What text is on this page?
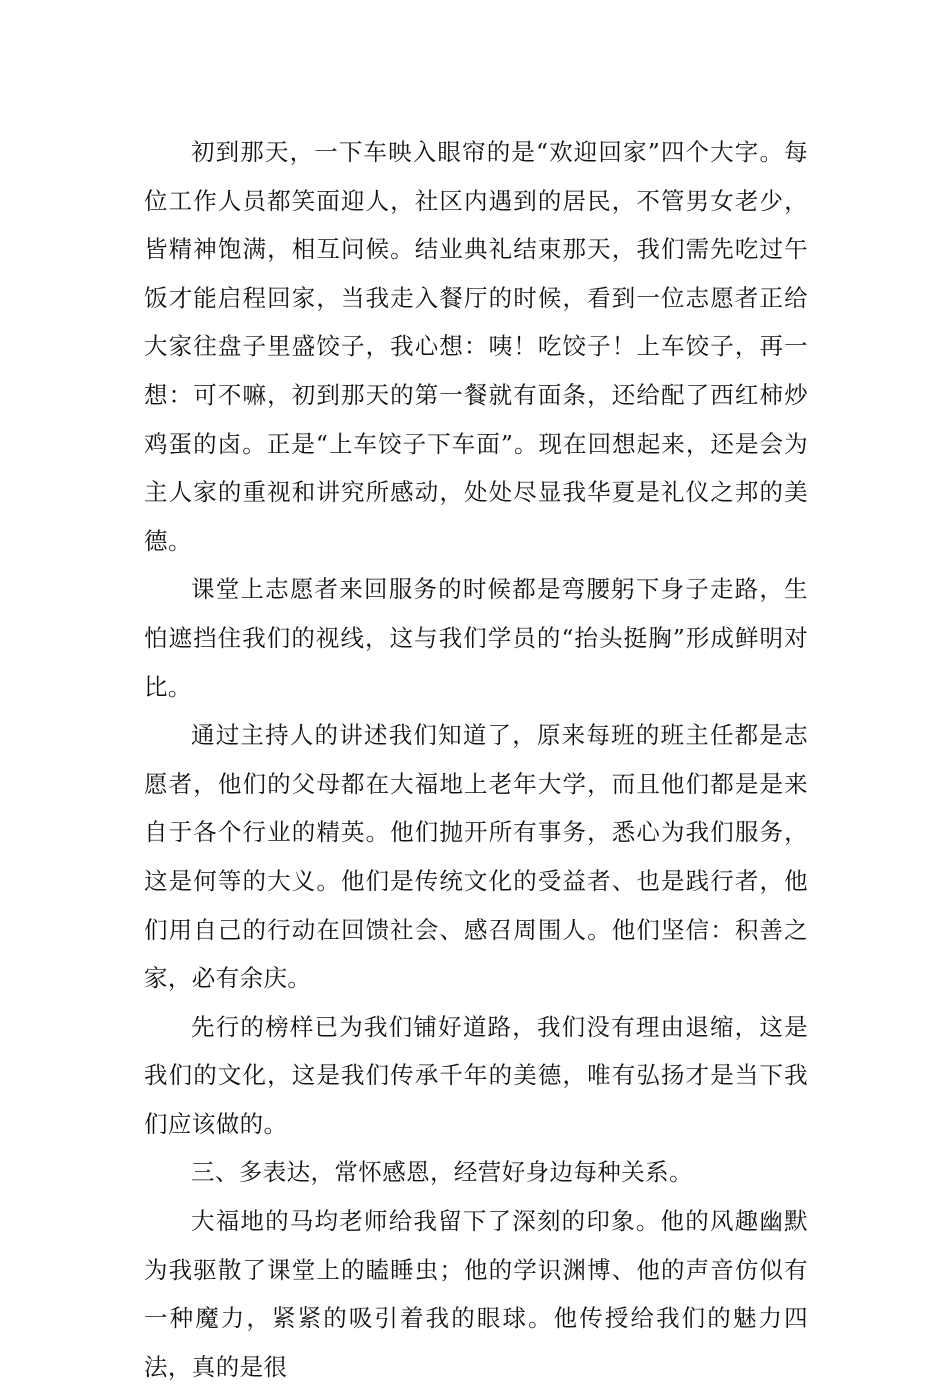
初到那天，一下车映入眼帘的是“欢迎回家”四个大字。每位工作人员都笑面迎人，社区内遇到的居民，不管男女老少，皆精神饱满，相互问候。结业典礼结束那天，我们需先吃过午饭才能启程回家，当我走入餐厅的时候，看到一位志愿者正给大家往盘子里盛饺子，我心想：咦！吃饺子！上车饺子，再一想：可不嘛，初到那天的第一餐就有面条，还给配了西红柿炒鸡蛋的卤。正是“上车饺子下车面”。现在回想起来，还是会为主人家的重视和讲究所感动，处处尽显我华夏是礼仪之邦的美德。

课堂上志愿者来回服务的时候都是弯腰躬下身子走路，生怕遮挡住我们的视线，这与我们学员的“抬头挺胸”形成鲜明对比。

通过主持人的讲述我们知道了，原来每班的班主任都是志愿者，他们的父母都在大福地上老年大学，而且他们都是是来自于各个行业的精英。他们抛开所有事务，悉心为我们服务，这是何等的大义。他们是传统文化的受益者、也是践行者，他们用自己的行动在回馈社会、感召周围人。他们坚信：积善之家，必有余庆。

先行的榜样已为我们铺好道路，我们没有理由退缩，这是我们的文化，这是我们传承千年的美德，唯有弘扬才是当下我们应该做的。

三、多表达，常怀感恩，经营好身边每种关系。

大福地的马均老师给我留下了深刻的印象。他的风趣幽默为我驱散了课堂上的瞌睡虫；他的学识渊博、他的声音仿似有一种魔力，紧紧的吸引着我的眼球。他传授给我们的魅力四法，真的是很
